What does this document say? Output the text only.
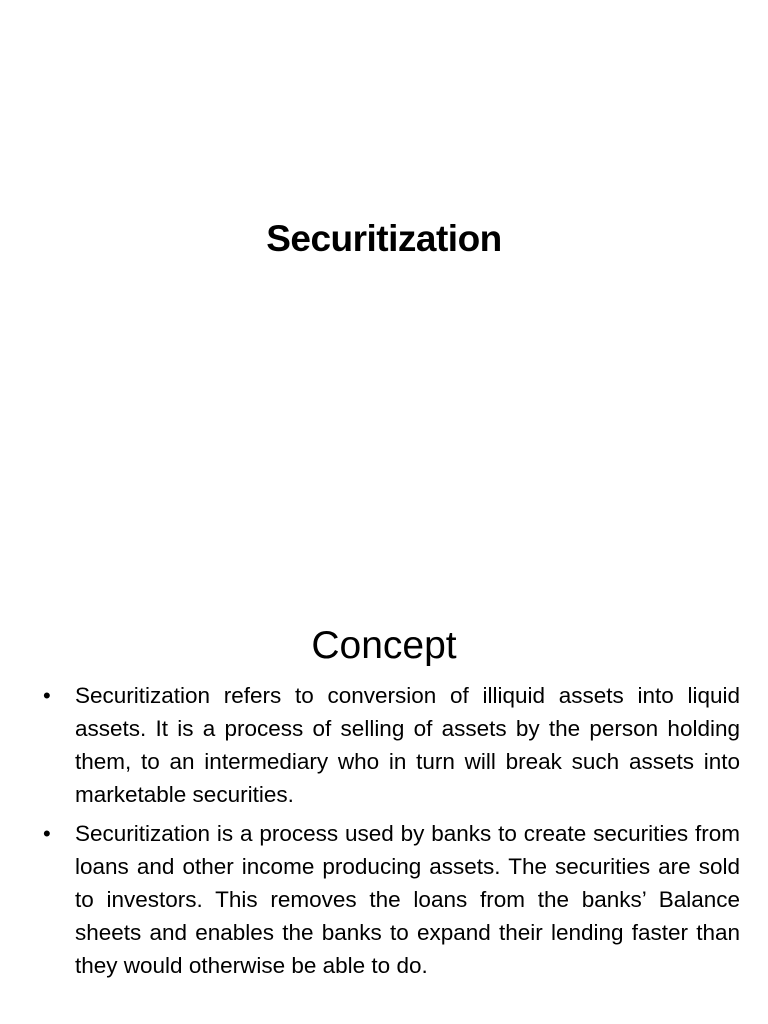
Securitization
Concept
• Securitization refers to conversion of illiquid assets into liquid assets. It is a process of selling of assets by the person holding them, to an intermediary who in turn will break such assets into marketable securities.
• Securitization is a process used by banks to create securities from loans and other income producing assets. The securities are sold to investors. This removes the loans from the banks’ Balance sheets and enables the banks to expand their lending faster than they would otherwise be able to do.
